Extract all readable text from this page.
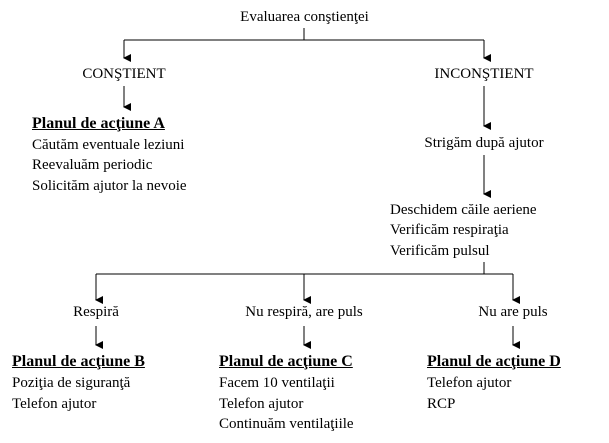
Evaluarea conştienţei
CONŞTIENT
Planul de acţiune A
Căutăm eventuale leziuni
Reevaluăm periodic
Solicităm ajutor la nevoie
INCONŞTIENT
Strigăm după ajutor
Deschidem căile aeriene
Verificăm respiraţia
Verificăm pulsul
Respiră
Planul de acţiune B
Poziţia de siguranţă
Telefon ajutor
Nu respiră, are puls
Planul de acţiune C
Facem 10 ventilaţii
Telefon ajutor
Continuăm ventilaţiile
Nu are puls
Planul de acţiune D
Telefon ajutor
RCP
